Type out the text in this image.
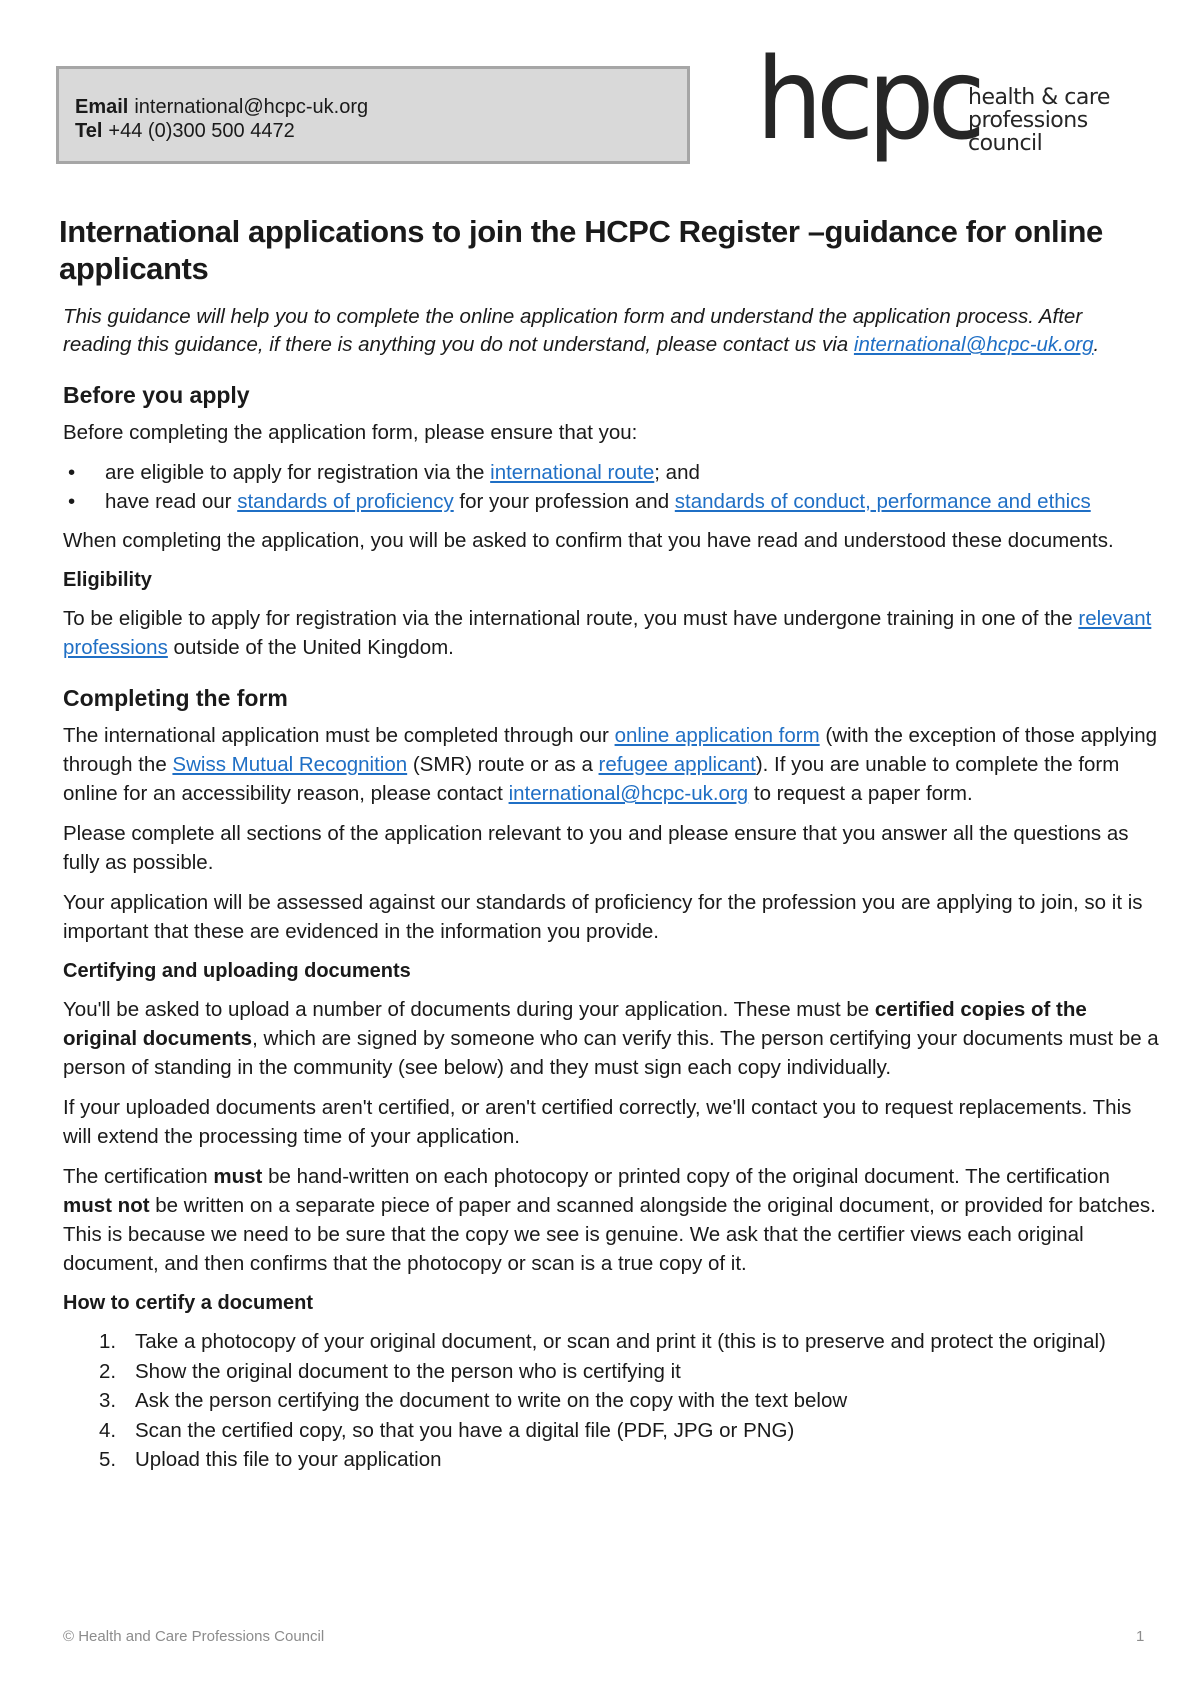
Email international@hcpc-uk.org
Tel +44 (0)300 500 4472	hcpc
health & care
professions
council
International applications to join the HCPC Register –guidance for online applicants

This guidance will help you to complete the online application form and understand the application process. After reading this guidance, if there is anything you do not understand, please contact us via international@hcpc-uk.org.

Before you apply

Before completing the application form, please ensure that you:

• are eligible to apply for registration via the international route; and
• have read our standards of proficiency for your profession and standards of conduct, performance and ethics

When completing the application, you will be asked to confirm that you have read and understood these documents.

Eligibility

To be eligible to apply for registration via the international route, you must have undergone training in one of the relevant professions outside of the United Kingdom.

Completing the form

The international application must be completed through our online application form (with the exception of those applying through the Swiss Mutual Recognition (SMR) route or as a refugee applicant). If you are unable to complete the form online for an accessibility reason, please contact international@hcpc-uk.org to request a paper form.

Please complete all sections of the application relevant to you and please ensure that you answer all the questions as fully as possible.

Your application will be assessed against our standards of proficiency for the profession you are applying to join, so it is important that these are evidenced in the information you provide.

Certifying and uploading documents

You'll be asked to upload a number of documents during your application. These must be certified copies of the original documents, which are signed by someone who can verify this. The person certifying your documents must be a person of standing in the community (see below) and they must sign each copy individually.

If your uploaded documents aren't certified, or aren't certified correctly, we'll contact you to request replacements. This will extend the processing time of your application.

The certification must be hand-written on each photocopy or printed copy of the original document. The certification must not be written on a separate piece of paper and scanned alongside the original document, or provided for batches. This is because we need to be sure that the copy we see is genuine. We ask that the certifier views each original document, and then confirms that the photocopy or scan is a true copy of it.

How to certify a document
1. Take a photocopy of your original document, or scan and print it (this is to preserve and protect the original)
2. Show the original document to the person who is certifying it
3. Ask the person certifying the document to write on the copy with the text below
4. Scan the certified copy, so that you have a digital file (PDF, JPG or PNG)
5. Upload this file to your application
© Health and Care Professions Council	1
